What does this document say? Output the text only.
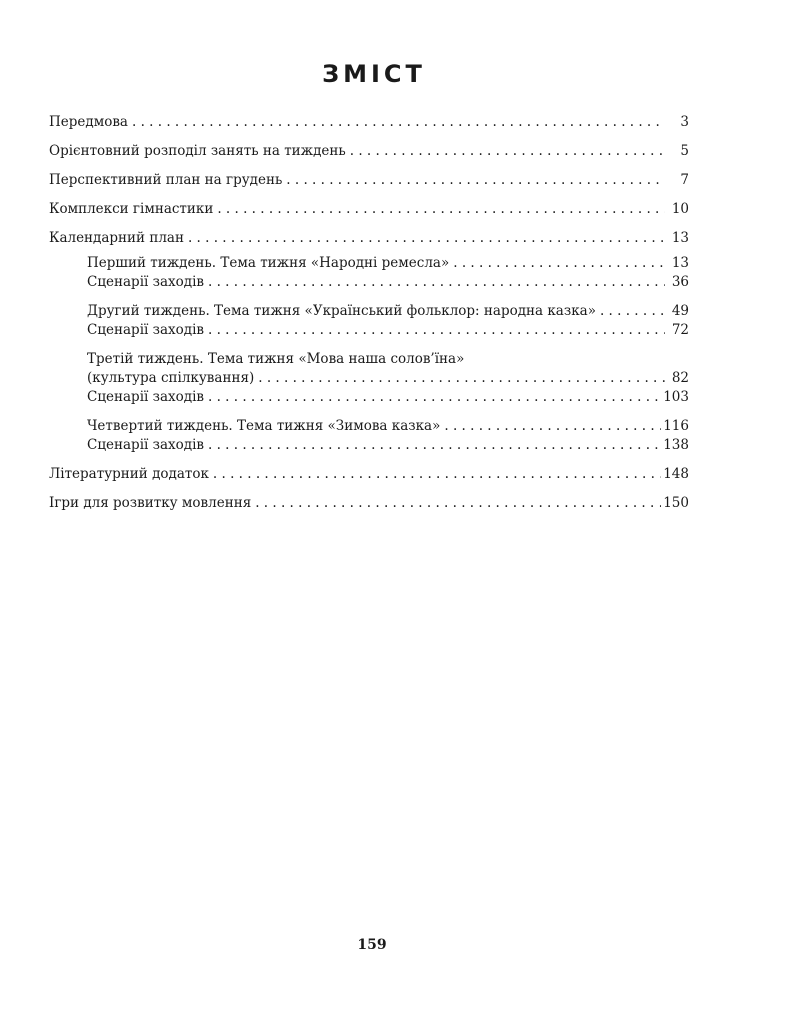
ЗМІСТ
Передмова . . .	3
Орієнтовний розподіл занять на тиждень . . .	5
Перспективний план на грудень . . .	7
Комплекси гімнастики . . .	10
Календарний план . . .	13
Перший тиждень. Тема тижня «Народні ремесла» . . .	13
Сценарії заходів . . .	36
Другий тиждень. Тема тижня «Український фольклор: народна казка» . . .	49
Сценарії заходів . . .	72
Третій тиждень. Тема тижня «Мова наша солов’їна»
(культура спілкування) . . .	82
Сценарії заходів . . .	103
Четвертий тиждень. Тема тижня «Зимова казка» . . .	116
Сценарії заходів . . .	138
Літературний додаток . . .	148
Ігри для розвитку мовлення . . .	150
159
